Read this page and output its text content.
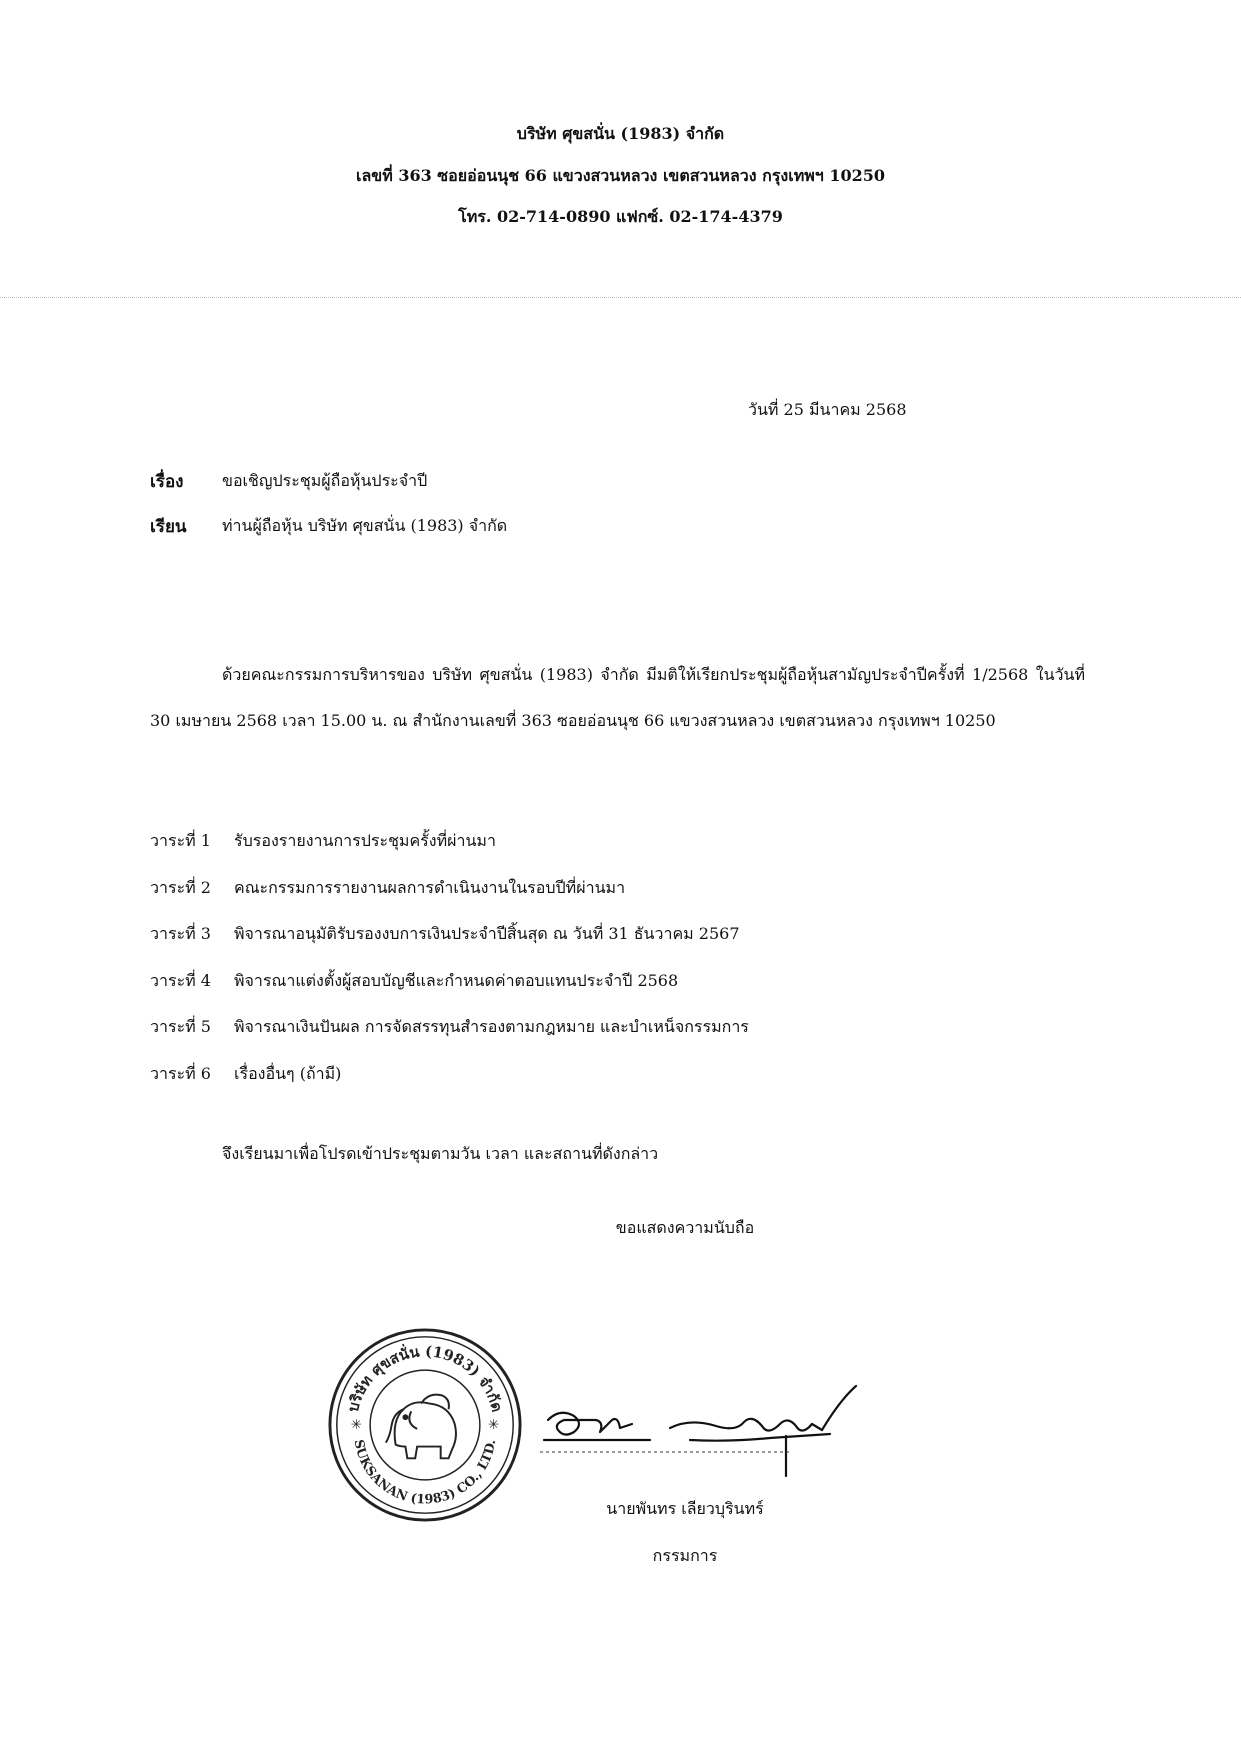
บริษัท ศุขสนั่น (1983) จำกัด
เลขที่ 363 ซอยอ่อนนุช 66 แขวงสวนหลวง เขตสวนหลวง กรุงเทพฯ 10250
โทร. 02-714-0890 แฟกซ์. 02-174-4379
วันที่ 25 มีนาคม 2568
เรื่อง ขอเชิญประชุมผู้ถือหุ้นประจำปี
เรียน ท่านผู้ถือหุ้น บริษัท ศุขสนั่น (1983) จำกัด
ด้วยคณะกรรมการบริหารของ บริษัท ศุขสนั่น (1983) จำกัด มีมติให้เรียกประชุมผู้ถือหุ้นสามัญประจำปีครั้งที่ 1/2568 ในวันที่ 30 เมษายน 2568 เวลา 15.00 น. ณ สำนักงานเลขที่ 363 ซอยอ่อนนุช 66 แขวงสวนหลวง เขตสวนหลวง กรุงเทพฯ 10250
วาระที่ 1 รับรองรายงานการประชุมครั้งที่ผ่านมา
วาระที่ 2 คณะกรรมการรายงานผลการดำเนินงานในรอบปีที่ผ่านมา
วาระที่ 3 พิจารณาอนุมัติรับรองงบการเงินประจำปีสิ้นสุด ณ วันที่ 31 ธันวาคม 2567
วาระที่ 4 พิจารณาแต่งตั้งผู้สอบบัญชีและกำหนดค่าตอบแทนประจำปี 2568
วาระที่ 5 พิจารณาเงินปันผล การจัดสรรทุนสำรองตามกฎหมาย และบำเหน็จกรรมการ
วาระที่ 6 เรื่องอื่นๆ (ถ้ามี)
จึงเรียนมาเพื่อโปรดเข้าประชุมตามวัน เวลา และสถานที่ดังกล่าว
บริษัท ศุขสนั่น (1983) จำกัด
SUKSANAN (1983) CO., LTD.
✳	✳
ขอแสดงความนับถือ
นายพันทร เลียวบุรินทร์
กรรมการ
